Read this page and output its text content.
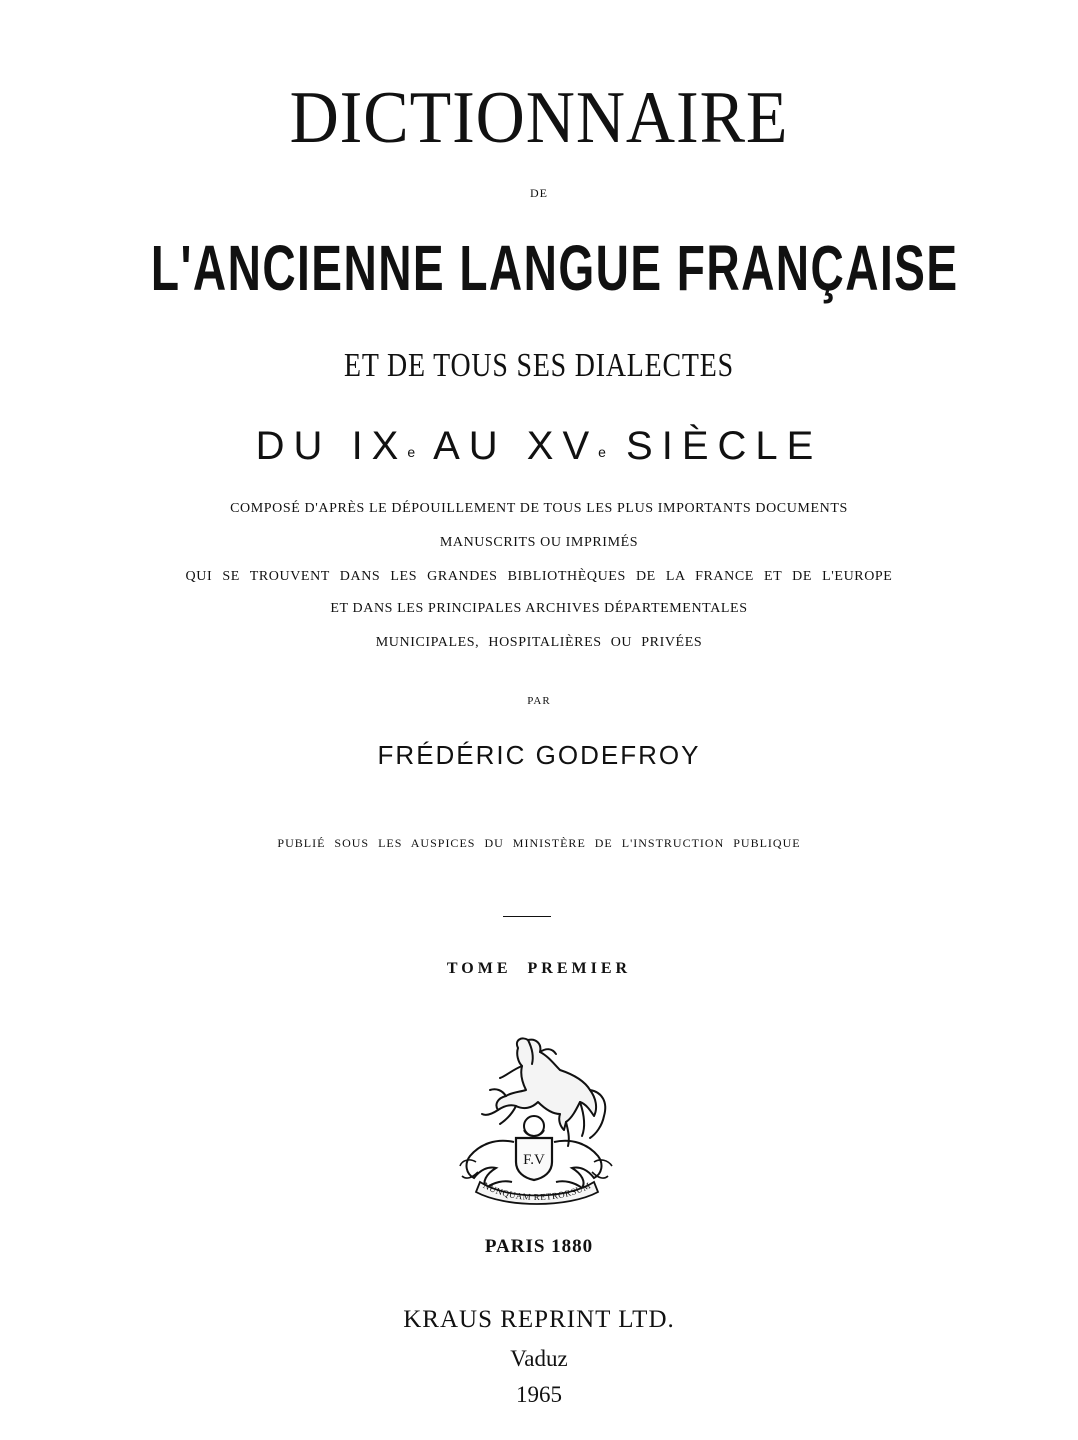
DICTIONNAIRE
DE
L'ANCIENNE LANGUE FRANÇAISE
ET DE TOUS SES DIALECTES
DU IXe AU XVe SIÈCLE
COMPOSÉ D'APRÈS LE DÉPOUILLEMENT DE TOUS LES PLUS IMPORTANTS DOCUMENTS
MANUSCRITS OU IMPRIMÉS
QUI SE TROUVENT DANS LES GRANDES BIBLIOTHÈQUES DE LA FRANCE ET DE L'EUROPE
ET DANS LES PRINCIPALES ARCHIVES DÉPARTEMENTALES
MUNICIPALES, HOSPITALIÈRES OU PRIVÉES
PAR
FRÉDÉRIC GODEFROY
PUBLIÉ SOUS LES AUSPICES DU MINISTÈRE DE L'INSTRUCTION PUBLIQUE
TOME PREMIER
F.V
NUNQUAM RETRORSUM
PARIS 1880
KRAUS REPRINT LTD.
Vaduz
1965
